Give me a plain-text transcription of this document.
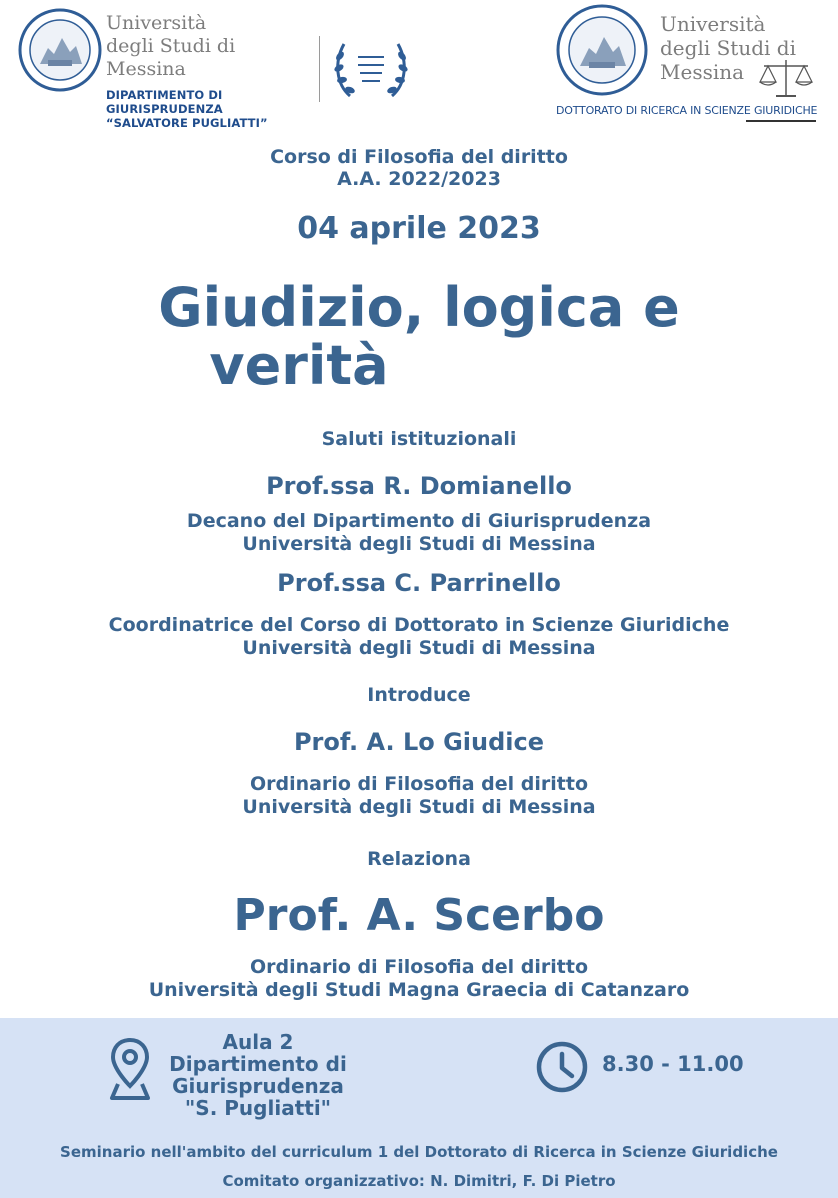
Università
degli Studi di
Messina
DIPARTIMENTO DI GIURISPRUDENZA
“SALVATORE PUGLIATTI”
Università
degli Studi di
Messina
DOTTORATO DI RICERCA IN SCIENZE GIURIDICHE
Corso di Filosofia del diritto
A.A. 2022/2023
04 aprile 2023
Giudizio, logica e
verità
Saluti istituzionali
Prof.ssa R. Domianello
Decano del Dipartimento di Giurisprudenza
Università degli Studi di Messina
Prof.ssa C. Parrinello
Coordinatrice del Corso di Dottorato in Scienze Giuridiche
Università degli Studi di Messina
Introduce
Prof. A. Lo Giudice
Ordinario di Filosofia del diritto
Università degli Studi di Messina
Relaziona
Prof. A. Scerbo
Ordinario di Filosofia del diritto
Università degli Studi Magna Graecia di Catanzaro
Aula 2
Dipartimento di
Giurisprudenza
"S. Pugliatti"
8.30 - 11.00
Seminario nell'ambito del curriculum 1 del Dottorato di Ricerca in Scienze Giuridiche
Comitato organizzativo: N. Dimitri, F. Di Pietro
